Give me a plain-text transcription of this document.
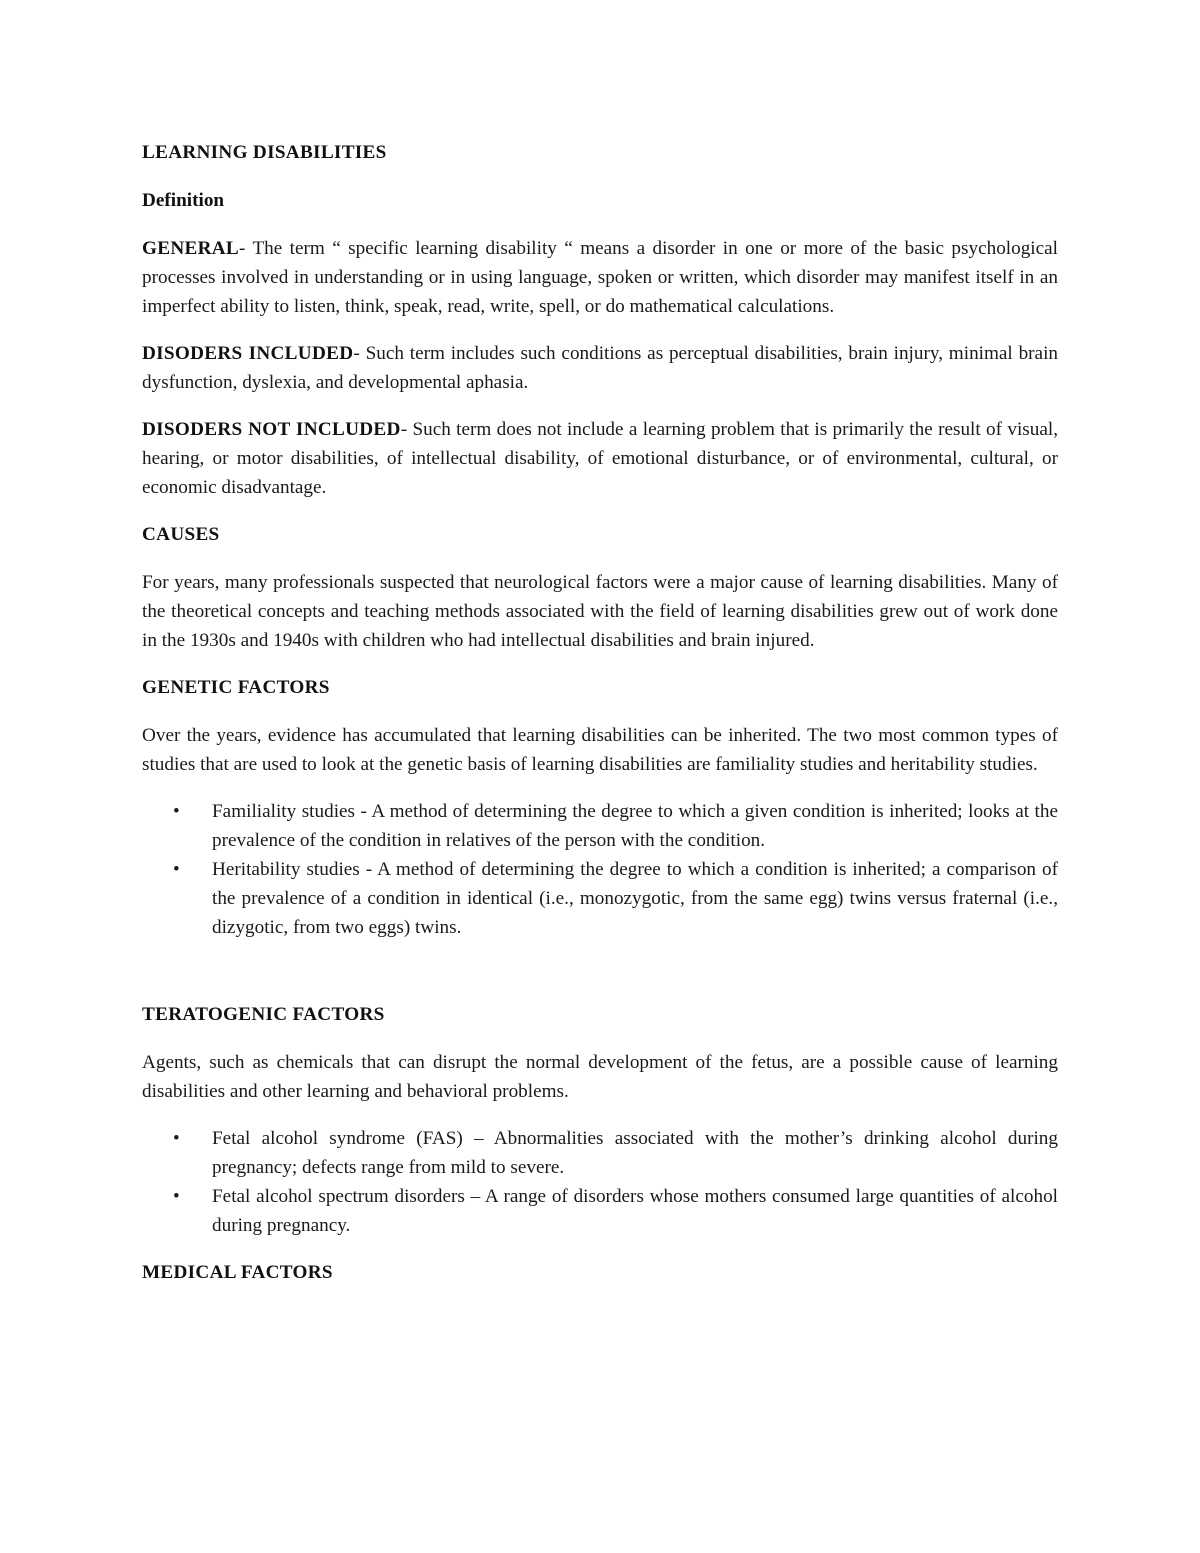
LEARNING DISABILITIES
Definition

GENERAL- The term “ specific learning disability “ means a disorder in one or more of the basic psychological processes involved in understanding or in using language, spoken or written, which disorder may manifest itself in an imperfect ability to listen, think, speak, read, write, spell, or do mathematical calculations.

DISODERS INCLUDED- Such term includes such conditions as perceptual disabilities, brain injury, minimal brain dysfunction, dyslexia, and developmental aphasia.

DISODERS NOT INCLUDED- Such term does not include a learning problem that is primarily the result of visual, hearing, or motor disabilities, of intellectual disability, of emotional disturbance, or of environmental, cultural, or economic disadvantage.

CAUSES

For years, many professionals suspected that neurological factors were a major cause of learning disabilities. Many of the theoretical concepts and teaching methods associated with the field of learning disabilities grew out of work done in the 1930s and 1940s with children who had intellectual disabilities and brain injured.

GENETIC FACTORS

Over the years, evidence has accumulated that learning disabilities can be inherited. The two most common types of studies that are used to look at the genetic basis of learning disabilities are familiality studies and heritability studies.

• Familiality studies - A method of determining the degree to which a given condition is inherited; looks at the prevalence of the condition in relatives of the person with the condition.
• Heritability studies - A method of determining the degree to which a condition is inherited; a comparison of the prevalence of a condition in identical (i.e., monozygotic, from the same egg) twins versus fraternal (i.e., dizygotic, from two eggs) twins.
TERATOGENIC FACTORS

Agents, such as chemicals that can disrupt the normal development of the fetus, are a possible cause of learning disabilities and other learning and behavioral problems.

• Fetal alcohol syndrome (FAS) – Abnormalities associated with the mother’s drinking alcohol during pregnancy; defects range from mild to severe.
• Fetal alcohol spectrum disorders – A range of disorders whose mothers consumed large quantities of alcohol during pregnancy.
MEDICAL FACTORS
